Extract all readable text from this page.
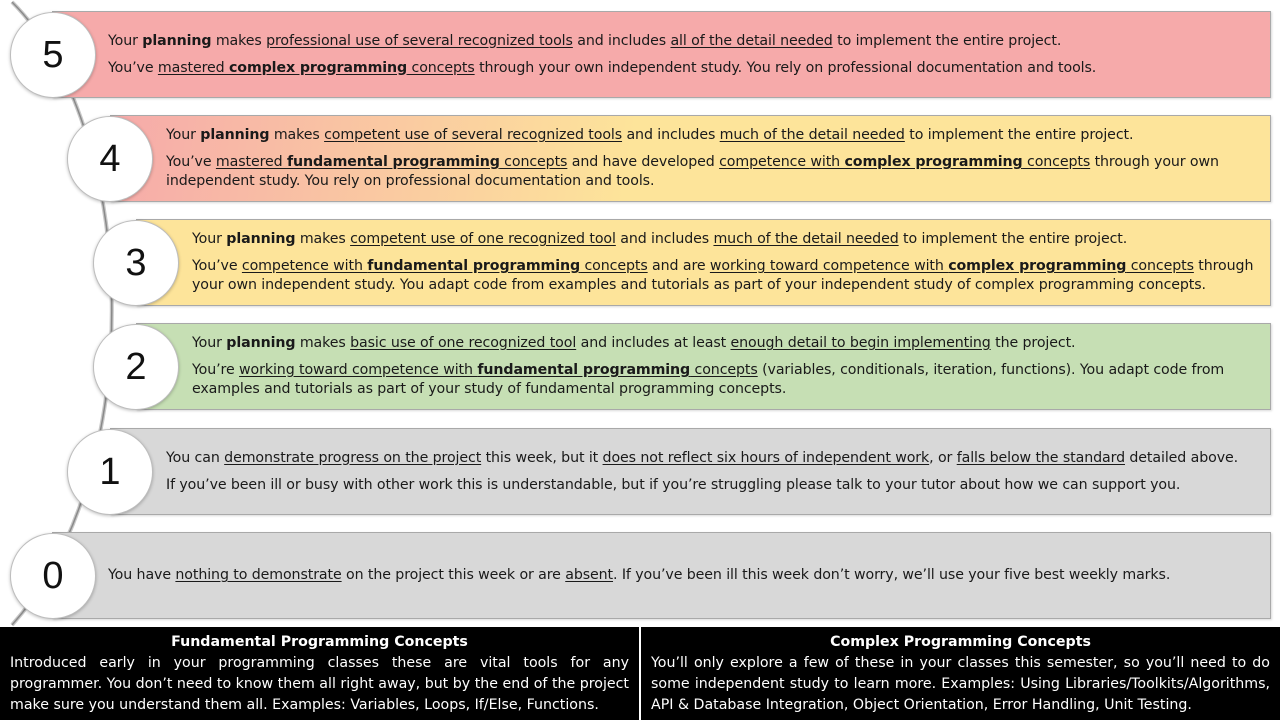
Your planning makes professional use of several recognized tools and includes all of the detail needed to implement the entire project.

You’ve mastered complex programming concepts through your own independent study. You rely on professional documentation and tools.

5

Your planning makes competent use of several recognized tools and includes much of the detail needed to implement the entire project.

You’ve mastered fundamental programming concepts and have developed competence with complex programming concepts through your own independent study. You rely on professional documentation and tools.

4

Your planning makes competent use of one recognized tool and includes much of the detail needed to implement the entire project.

You’ve competence with fundamental programming concepts and are working toward competence with complex programming concepts through your own independent study. You adapt code from examples and tutorials as part of your independent study of complex programming concepts.

3

Your planning makes basic use of one recognized tool and includes at least enough detail to begin implementing the project.

You’re working toward competence with fundamental programming concepts (variables, conditionals, iteration, functions). You adapt code from examples and tutorials as part of your study of fundamental programming concepts.

2

You can demonstrate progress on the project this week, but it does not reflect six hours of independent work, or falls below the standard detailed above.

If you’ve been ill or busy with other work this is understandable, but if you’re struggling please talk to your tutor about how we can support you.

1

You have nothing to demonstrate on the project this week or are absent. If you’ve been ill this week don’t worry, we’ll use your five best weekly marks.

0
Fundamental Programming Concepts
Introduced early in your programming classes these are vital tools for any programmer. You don’t need to know them all right away, but by the end of the project make sure you understand them all. Examples: Variables, Loops, If/Else, Functions.
Complex Programming Concepts
You’ll only explore a few of these in your classes this semester, so you’ll need to do some independent study to learn more. Examples: Using Libraries/Toolkits/Algorithms, API & Database Integration, Object Orientation, Error Handling, Unit Testing.
